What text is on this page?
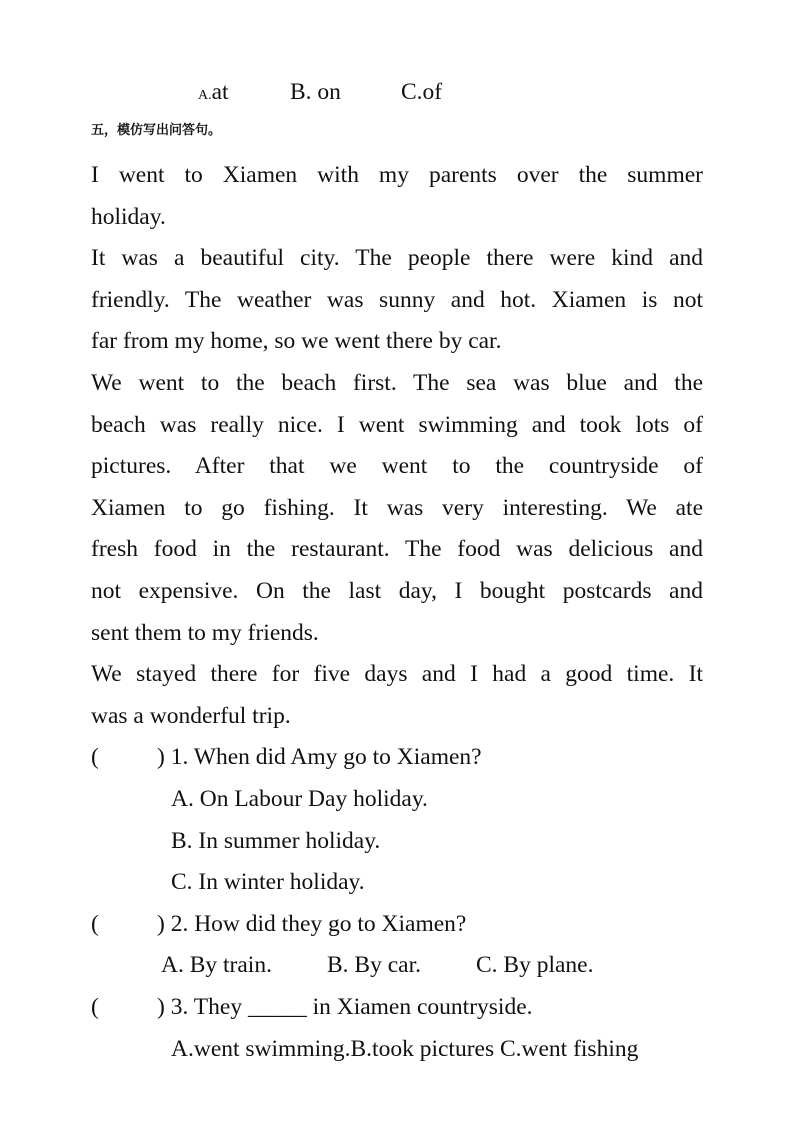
A.at	B. on	C.of
五，模仿写出问答句。
I went to Xiamen with my parents over the summer
holiday.
It was a beautiful city. The people there were kind and
friendly. The weather was sunny and hot. Xiamen is not
far from my home, so we went there by car.
We went to the beach first. The sea was blue and the
beach was really nice. I went swimming and took lots of
pictures. After that we went to the countryside of
Xiamen to go fishing. It was very interesting. We ate
fresh food in the restaurant. The food was delicious and
not expensive. On the last day, I bought postcards and
sent them to my friends.
We stayed there for five days and I had a good time. It
was a wonderful trip.
( ) 1. When did Amy go to Xiamen?
A. On Labour Day holiday.
B. In summer holiday.
C. In winter holiday.
( ) 2. How did they go to Xiamen?
A. By train. B. By car. C. By plane.
( ) 3. They _____ in Xiamen countryside.
A.went swimming.B.took pictures C.went fishing
